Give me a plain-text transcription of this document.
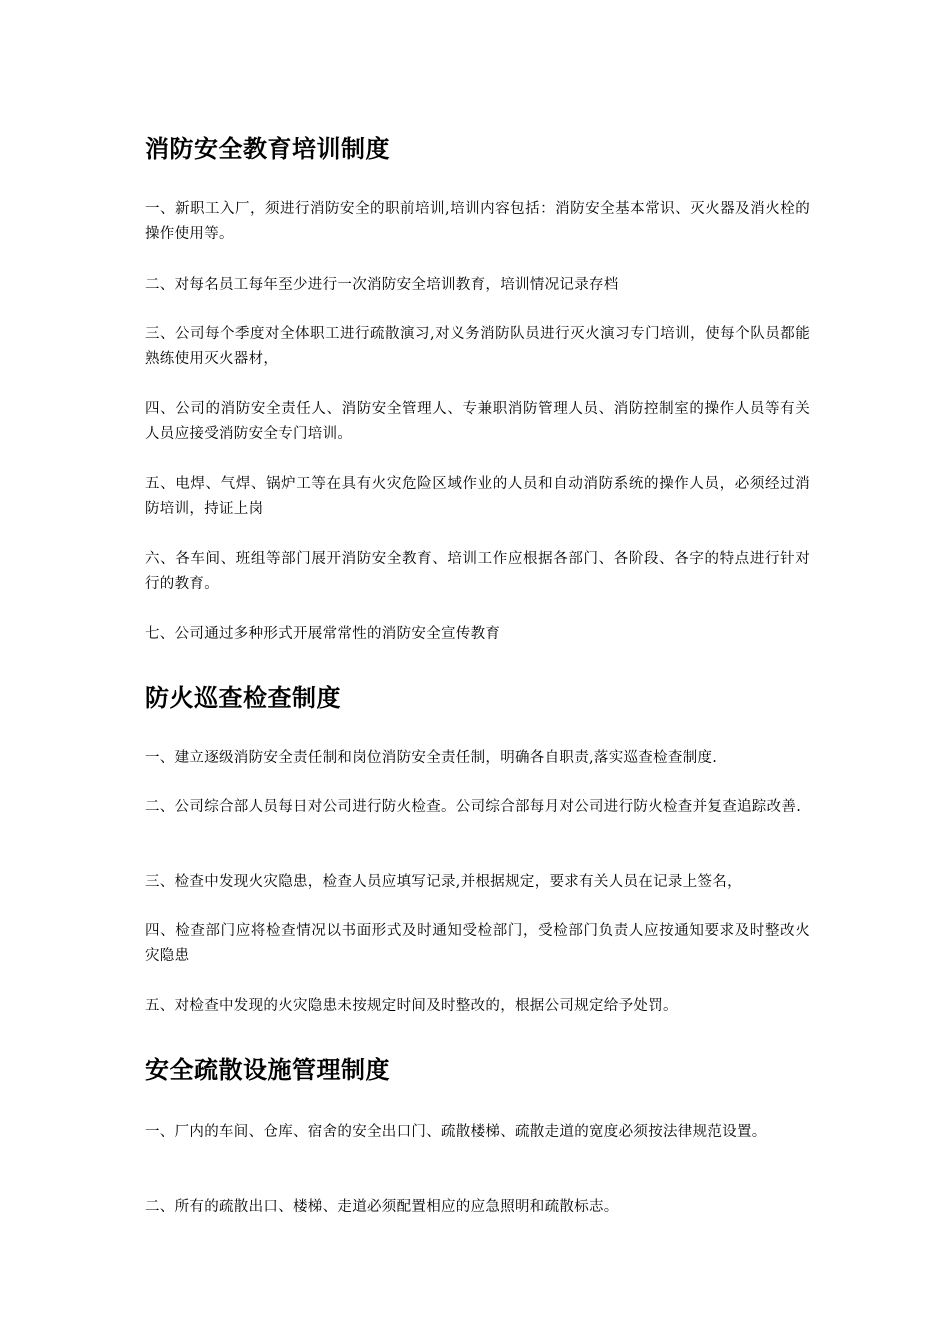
消防安全教育培训制度

一、新职工入厂，须进行消防安全的职前培训,培训内容包括：消防安全基本常识、灭火器及消火栓的操作使用等。

二、对每名员工每年至少进行一次消防安全培训教育，培训情况记录存档

三、公司每个季度对全体职工进行疏散演习,对义务消防队员进行灭火演习专门培训，使每个队员都能熟练使用灭火器材，

四、公司的消防安全责任人、消防安全管理人、专兼职消防管理人员、消防控制室的操作人员等有关人员应接受消防安全专门培训。

五、电焊、气焊、锅炉工等在具有火灾危险区域作业的人员和自动消防系统的操作人员，必须经过消防培训，持证上岗

六、各车间、班组等部门展开消防安全教育、培训工作应根据各部门、各阶段、各字的特点进行针对行的教育。

七、公司通过多种形式开展常常性的消防安全宣传教育

防火巡查检查制度

一、建立逐级消防安全责任制和岗位消防安全责任制，明确各自职责,落实巡查检查制度.

二、公司综合部人员每日对公司进行防火检查。公司综合部每月对公司进行防火检查并复查追踪改善.

三、检查中发现火灾隐患，检查人员应填写记录,并根据规定，要求有关人员在记录上签名，

四、检查部门应将检查情况以书面形式及时通知受检部门，受检部门负责人应按通知要求及时整改火灾隐患

五、对检查中发现的火灾隐患未按规定时间及时整改的，根据公司规定给予处罚。

安全疏散设施管理制度

一、厂内的车间、仓库、宿舍的安全出口门、疏散楼梯、疏散走道的宽度必须按法律规范设置。

二、所有的疏散出口、楼梯、走道必须配置相应的应急照明和疏散标志。
